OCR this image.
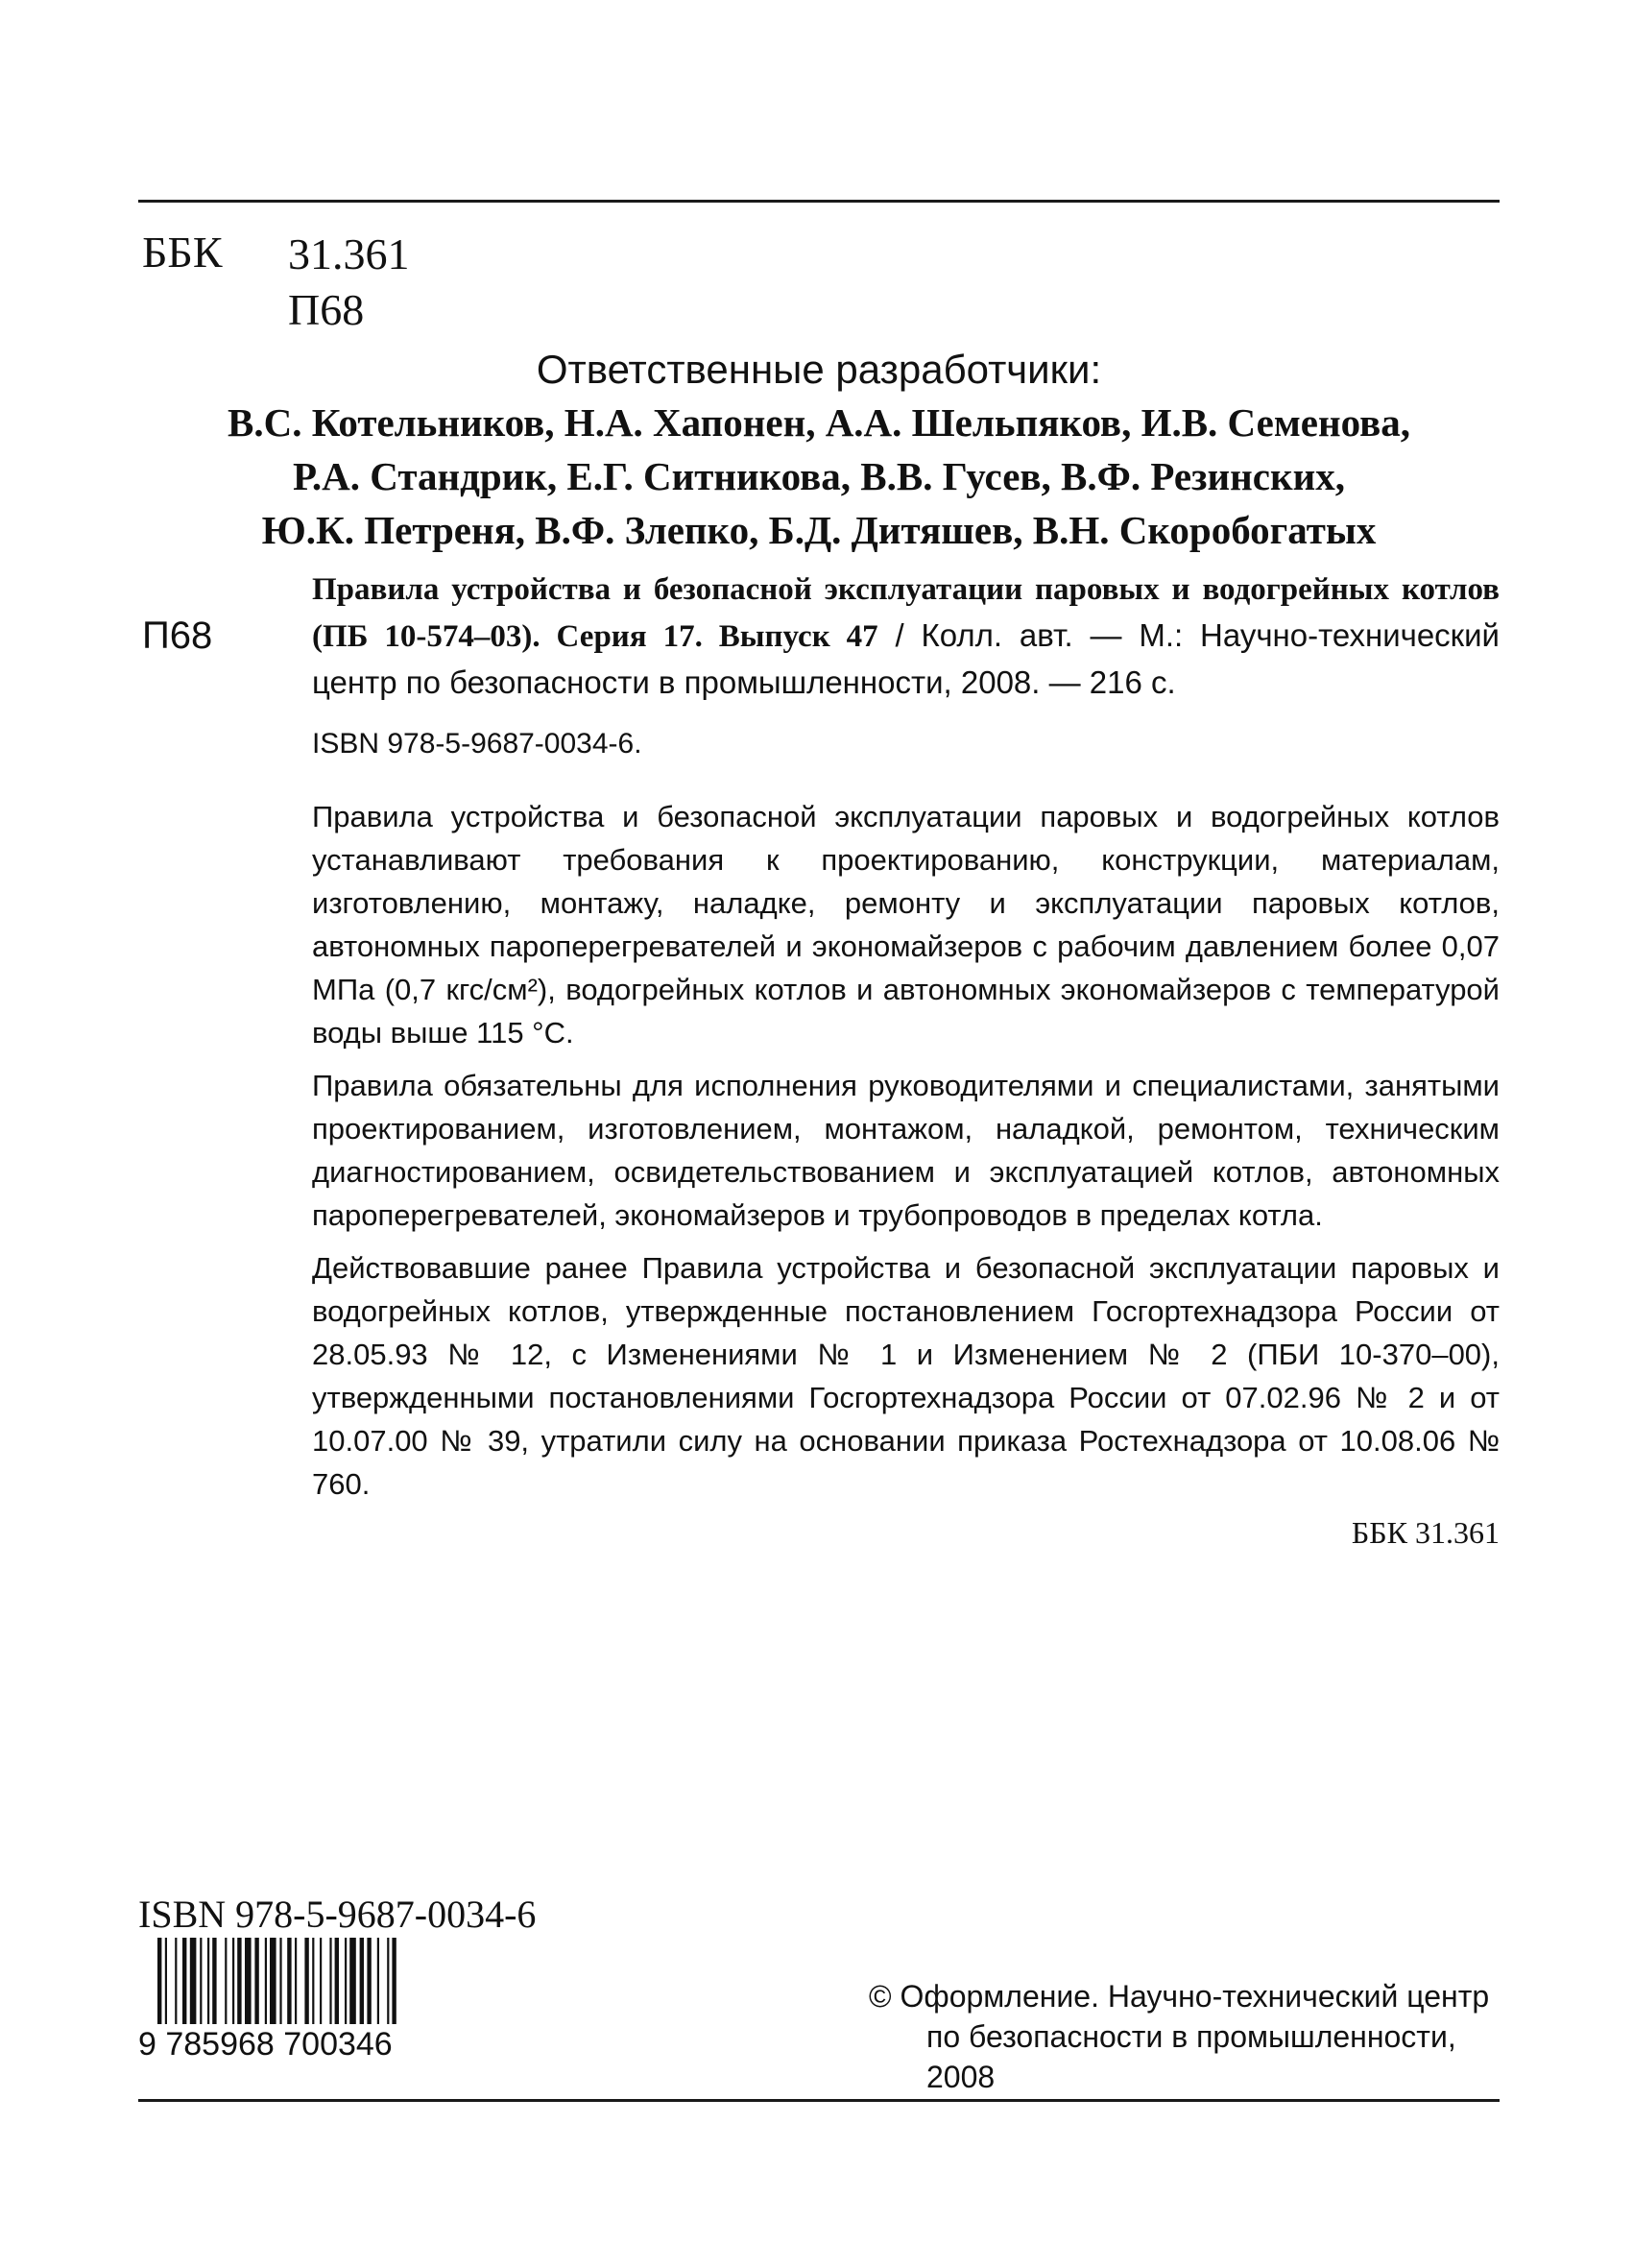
ББК 31.361
П68
Ответственные разработчики:
В.С. Котельников, Н.А. Хапонен, А.А. Шельпяков, И.В. Семенова,
Р.А. Стандрик, Е.Г. Ситникова, В.В. Гусев, В.Ф. Резинских,
Ю.К. Петреня, В.Ф. Злепко, Б.Д. Дитяшев, В.Н. Скоробогатых
П68
Правила устройства и безопасной эксплуатации паровых и водогрейных котлов (ПБ 10-574–03). Серия 17. Выпуск 47 / Колл. авт. — М.: Научно-технический центр по безопасности в промышленности, 2008. — 216 с.
ISBN 978-5-9687-0034-6.

Правила устройства и безопасной эксплуатации паровых и водогрейных котлов устанавливают требования к проектированию, конструкции, материалам, изготовлению, монтажу, наладке, ремонту и эксплуатации паровых котлов, автономных пароперегревателей и экономайзеров с рабочим давлением более 0,07 МПа (0,7 кгс/см²), водогрейных котлов и автономных экономайзеров с температурой воды выше 115 °С.

Правила обязательны для исполнения руководителями и специалистами, занятыми проектированием, изготовлением, монтажом, наладкой, ремонтом, техническим диагностированием, освидетельствованием и эксплуатацией котлов, автономных пароперегревателей, экономайзеров и трубопроводов в пределах котла.

Действовавшие ранее Правила устройства и безопасной эксплуатации паровых и водогрейных котлов, утвержденные постановлением Госгортехнадзора России от 28.05.93 № 12, с Изменениями № 1 и Изменением № 2 (ПБИ 10-370–00), утвержденными постановлениями Госгортехнадзора России от 07.02.96 № 2 и от 10.07.00 № 39, утратили силу на основании приказа Ростехнадзора от 10.08.06 № 760.

ББК 31.361
ISBN 978-5-9687-0034-6
9 785968 700346
© Оформление. Научно-технический центр
по безопасности в промышленности,
2008
